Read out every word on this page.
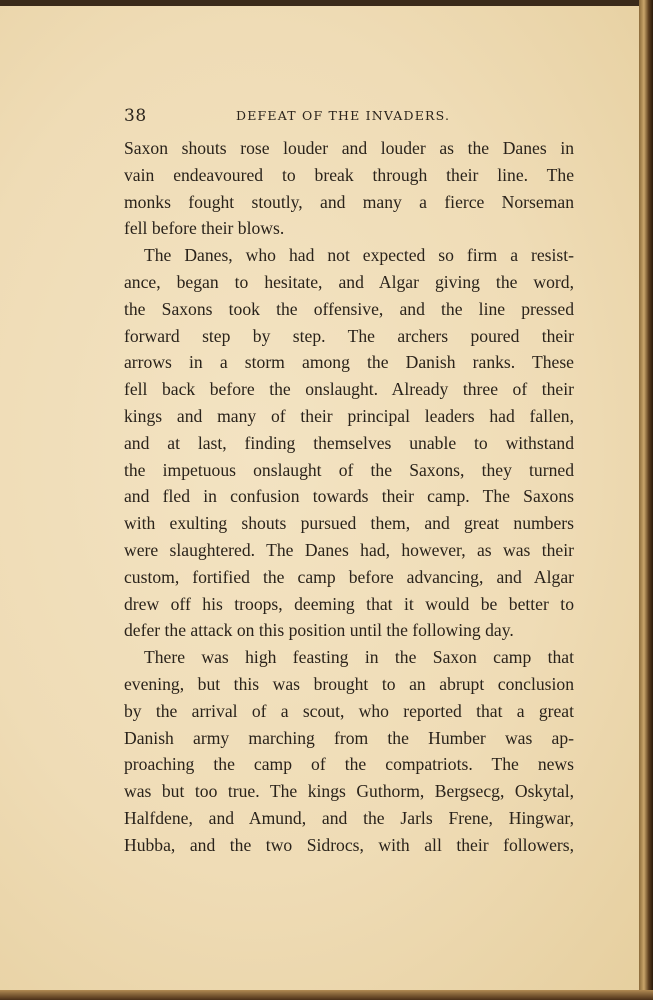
38	DEFEAT OF THE INVADERS.
Saxon shouts rose louder and louder as the Danes in
vain endeavoured to break through their line. The
monks fought stoutly, and many a fierce Norseman
fell before their blows.
The Danes, who had not expected so firm a resist-
ance, began to hesitate, and Algar giving the word,
the Saxons took the offensive, and the line pressed
forward step by step. The archers poured their
arrows in a storm among the Danish ranks. These
fell back before the onslaught. Already three of their
kings and many of their principal leaders had fallen,
and at last, finding themselves unable to withstand
the impetuous onslaught of the Saxons, they turned
and fled in confusion towards their camp. The Saxons
with exulting shouts pursued them, and great numbers
were slaughtered. The Danes had, however, as was their
custom, fortified the camp before advancing, and Algar
drew off his troops, deeming that it would be better to
defer the attack on this position until the following day.
There was high feasting in the Saxon camp that
evening, but this was brought to an abrupt conclusion
by the arrival of a scout, who reported that a great
Danish army marching from the Humber was ap-
proaching the camp of the compatriots. The news
was but too true. The kings Guthorm, Bergsecg, Oskytal,
Halfdene, and Amund, and the Jarls Frene, Hingwar,
Hubba, and the two Sidrocs, with all their followers,
